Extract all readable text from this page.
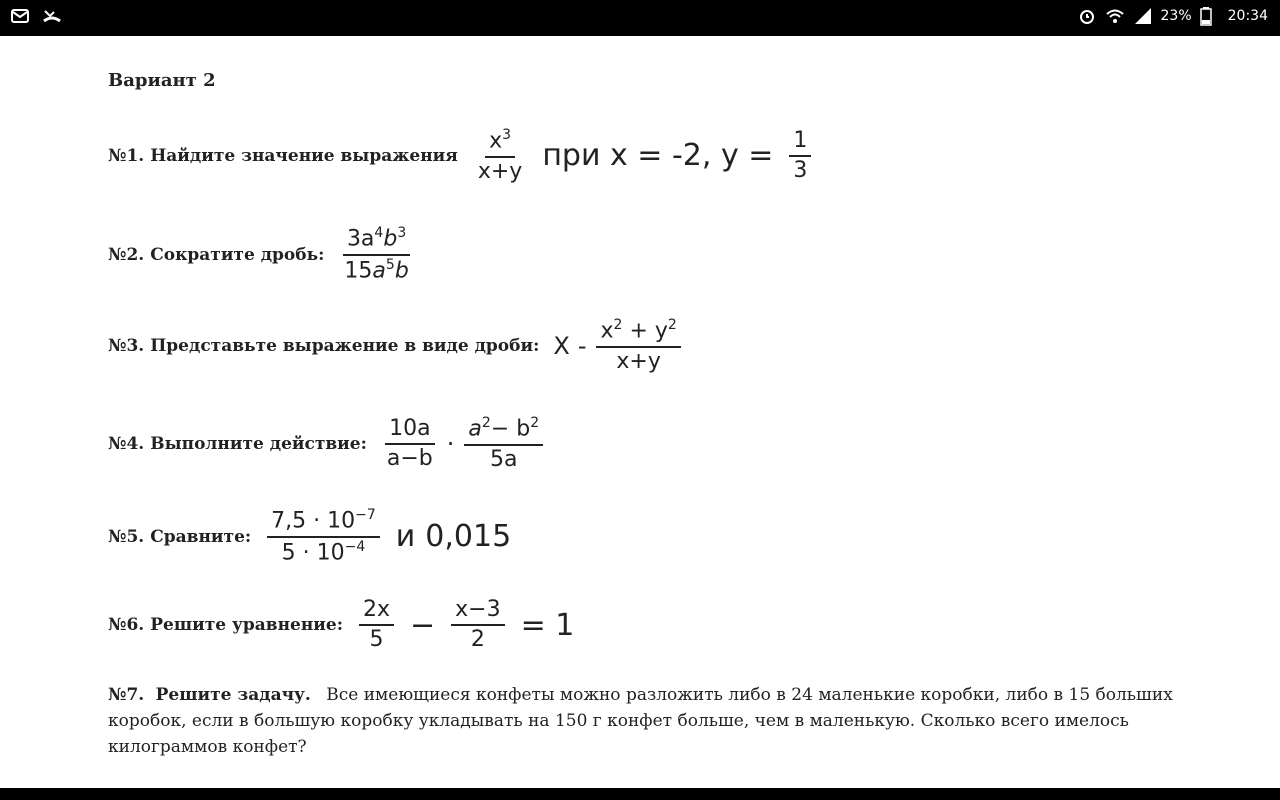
23%	20:34
Вариант 2
№1. Найдите значение выражения $\frac{x^3}{x+y}$ при x = -2, $y = \frac{1}{3}$
№2. Сократите дробь: $\frac{3a^4b^3}{15a^5b}$
№3. Представьте выражение в виде дроби: X - $\frac{x^2 + y^2}{x+y}$
№4. Выполните действие: $\frac{10a}{a-b} \cdot \frac{a^2- b^2}{5a}$
№5. Сравните: $\frac{7,5 \cdot 10^{-7}}{5 \cdot 10^{-4}}$ и 0,015
№6. Решите уравнение: $\frac{2x}{5} - \frac{x-3}{2} = 1$
№7. Решите задачу. Все имеющиеся конфеты можно разложить либо в 24 маленькие коробки, либо в 15 больших коробок, если в большую коробку укладывать на 150 г конфет больше, чем в маленькую. Сколько всего имелось килограммов конфет?
